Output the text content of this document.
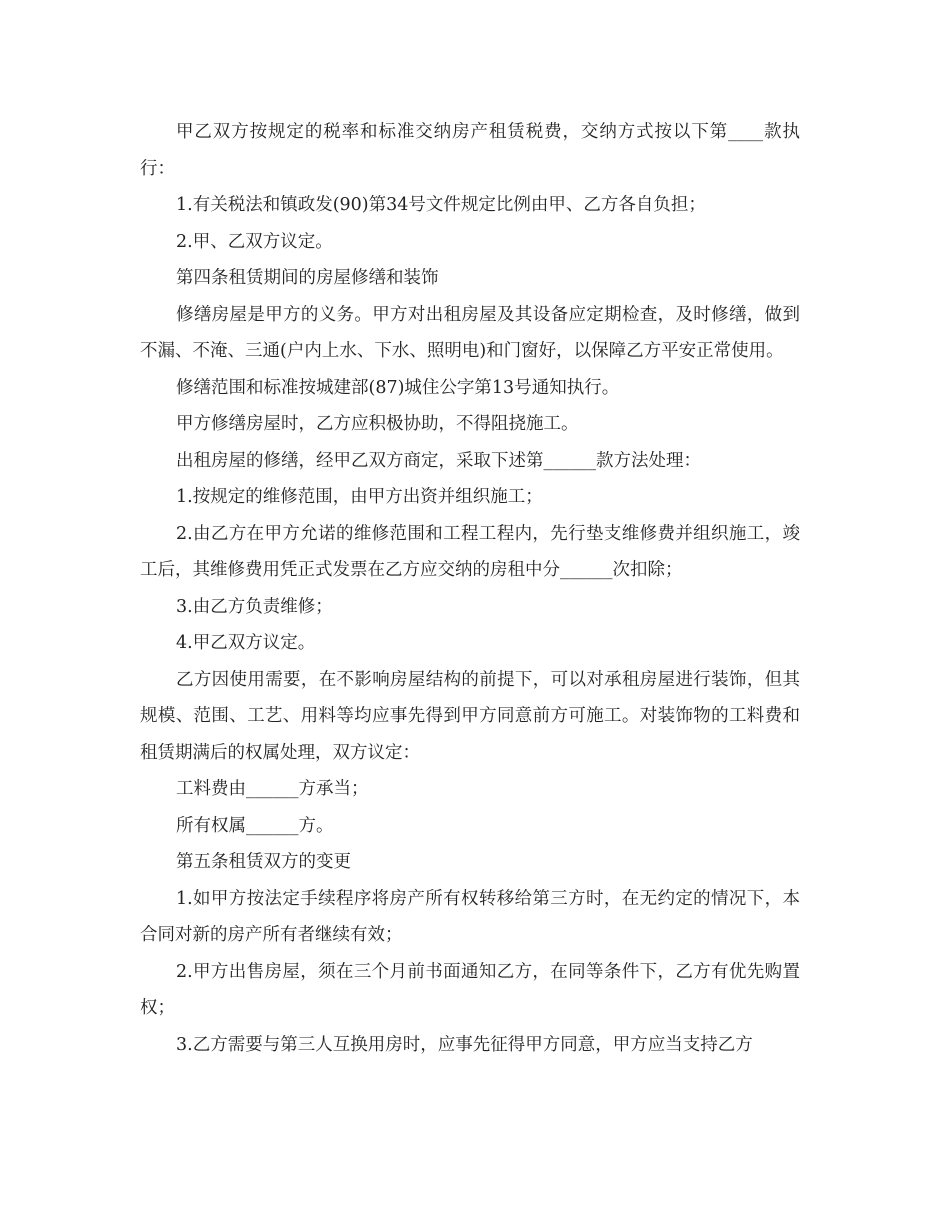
甲乙双方按规定的税率和标准交纳房产租赁税费，交纳方式按以下第____款执行：

1.有关税法和镇政发(90)第34号文件规定比例由甲、乙方各自负担；

2.甲、乙双方议定。

第四条租赁期间的房屋修缮和装饰

修缮房屋是甲方的义务。甲方对出租房屋及其设备应定期检查，及时修缮，做到不漏、不淹、三通(户内上水、下水、照明电)和门窗好，以保障乙方平安正常使用。

修缮范围和标准按城建部(87)城住公字第13号通知执行。

甲方修缮房屋时，乙方应积极协助，不得阻挠施工。

出租房屋的修缮，经甲乙双方商定，采取下述第______款方法处理：

1.按规定的维修范围，由甲方出资并组织施工；

2.由乙方在甲方允诺的维修范围和工程工程内，先行垫支维修费并组织施工，竣工后，其维修费用凭正式发票在乙方应交纳的房租中分______次扣除；

3.由乙方负责维修；

4.甲乙双方议定。

乙方因使用需要，在不影响房屋结构的前提下，可以对承租房屋进行装饰，但其规模、范围、工艺、用料等均应事先得到甲方同意前方可施工。对装饰物的工料费和租赁期满后的权属处理，双方议定：

工料费由______方承当；

所有权属______方。

第五条租赁双方的变更

1.如甲方按法定手续程序将房产所有权转移给第三方时，在无约定的情况下，本合同对新的房产所有者继续有效；

2.甲方出售房屋，须在三个月前书面通知乙方，在同等条件下，乙方有优先购置权；

3.乙方需要与第三人互换用房时，应事先征得甲方同意，甲方应当支持乙方
